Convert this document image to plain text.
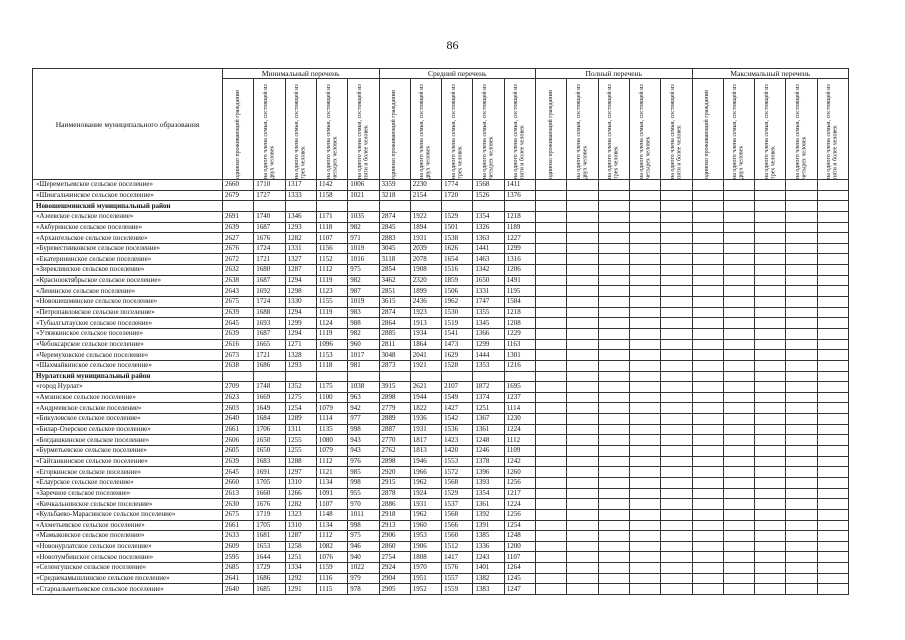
86
Наименование муниципального образования	Минимальный перечень					Средний перечень					Полный перечень					Максимальный перечень				

	одиноко проживающий гражданин	на одного члена семьи, состоящей из двух человек	на одного члена семьи, состоящей из трех человек	на одного члена семьи, состоящей из четырех человек	на одного члена семьи, состоящей из пяти и более человек	одиноко проживающий гражданин	на одного члена семьи, состоящей из двух человек	на одного члена семьи, состоящей из трех человек	на одного члена семьи, состоящей из четырех человек	на одного члена семьи, состоящей из пяти и более человек	одиноко проживающий гражданин	на одного члена семьи, состоящей из двух человек	на одного члена семьи, состоящей из трех человек	на одного члена семьи, состоящей из четырех человек	на одного члена семьи, состоящей из пяти и более человек	одиноко проживающий гражданин	на одного члена семьи, состоящей из двух человек	на одного члена семьи, состоящей из трех человек	на одного члена семьи, состоящей из четырех человек	на одного члена семьи, состоящей из пяти и более человек

«Шереметьевское сельское поселение»	2660	1710	1317	1142	1006	3359	2230	1774	1568	1411										
«Шингальчинское сельское поселение»	2679	1727	1333	1158	1021	3218	2154	1720	1526	1376										
Новошешминский муниципальный район																				
«Азеевское сельское поселение»	2691	1740	1346	1171	1035	2874	1922	1529	1354	1218										
«Акбуринское сельское поселение»	2639	1687	1293	1118	982	2845	1894	1501	1326	1189										
«Архангельское сельское поселение»	2627	1676	1282	1107	971	2883	1931	1538	1363	1227										
«Буревестниковское сельское поселение»	2676	1724	1331	1156	1019	3045	2039	1626	1441	1299										
«Екатерининское сельское поселение»	2672	1721	1327	1152	1016	3118	2078	1654	1463	1316										
«Зиреклинское сельское поселение»	2632	1680	1287	1112	975	2854	1908	1516	1342	1206										
«Краснооктябрьское сельское поселение»	2638	1687	1294	1119	982	3462	2320	1859	1650	1491										
«Ленинское сельское поселение»	2643	1692	1298	1123	987	2851	1899	1506	1331	1195										
«Новошешминское сельское поселение»	2675	1724	1330	1155	1019	3615	2436	1962	1747	1584										
«Петропавловское сельское поселение»	2639	1688	1294	1119	983	2874	1923	1530	1355	1218										
«Тубылгытауское сельское поселение»	2645	1693	1299	1124	988	2864	1913	1519	1345	1208										
«Утяжкинское сельское поселение»	2639	1687	1294	1119	982	2885	1934	1541	1366	1229										
«Чебоксарское сельское поселение»	2616	1665	1271	1096	960	2811	1864	1473	1299	1163										
«Черемуховское сельское поселение»	2673	1721	1328	1153	1017	3048	2041	1629	1444	1301										
«Шахмайкинское сельское поселение»	2638	1686	1293	1118	981	2873	1921	1528	1353	1216										
Нурлатский муниципальный район																				
«город Нурлат»	2709	1748	1352	1175	1038	3915	2621	2107	1872	1695										
«Амзинское сельское поселение»	2623	1669	1275	1100	963	2898	1944	1549	1374	1237										
«Андреевское сельское поселение»	2603	1649	1254	1079	942	2779	1822	1427	1251	1114										
«Бикуловское сельское поселение»	2640	1684	1289	1114	977	2889	1936	1542	1367	1230										
«Билар-Озерское сельское поселение»	2661	1706	1311	1135	998	2887	1931	1536	1361	1224										
«Богдашкинское сельское поселение»	2606	1650	1255	1080	943	2770	1817	1423	1248	1112										
«Бурметьевское сельское поселение»	2605	1650	1255	1079	943	2762	1813	1420	1246	1109										
«Гайтанкинское сельское поселение»	2639	1683	1288	1112	976	2898	1946	1553	1378	1242										
«Егоркинское сельское поселение»	2645	1691	1297	1121	985	2920	1966	1572	1396	1260										
«Елаурское сельское поселение»	2660	1705	1310	1134	998	2915	1962	1568	1393	1256										
«Заречное сельское поселение»	2613	1660	1266	1091	955	2878	1924	1529	1354	1217										
«Кичкальнинское сельское поселение»	2630	1676	1282	1107	970	2886	1931	1537	1361	1224										
«Кульбаево-Марасинское сельское поселение»	2675	1719	1323	1148	1011	2918	1962	1568	1392	1256										
«Ахметьевское сельское поселение»	2661	1705	1310	1134	998	2913	1960	1566	1391	1254										
«Мамыковское сельское поселение»	2633	1681	1287	1112	975	2906	1953	1560	1385	1248										
«Новонурлатское сельское поселение»	2609	1653	1258	1082	946	2860	1906	1512	1336	1200										
«Новотумбинское сельское поселение»	2595	1644	1251	1076	940	2754	1808	1417	1243	1107										
«Селенгушское сельское поселение»	2685	1729	1334	1159	1022	2924	1970	1576	1401	1264										
«Среднекамышлинское сельское поселение»	2641	1686	1292	1116	979	2904	1951	1557	1382	1245										
«Староальметьевское сельское поселение»	2640	1685	1291	1115	978	2905	1952	1559	1383	1247										
